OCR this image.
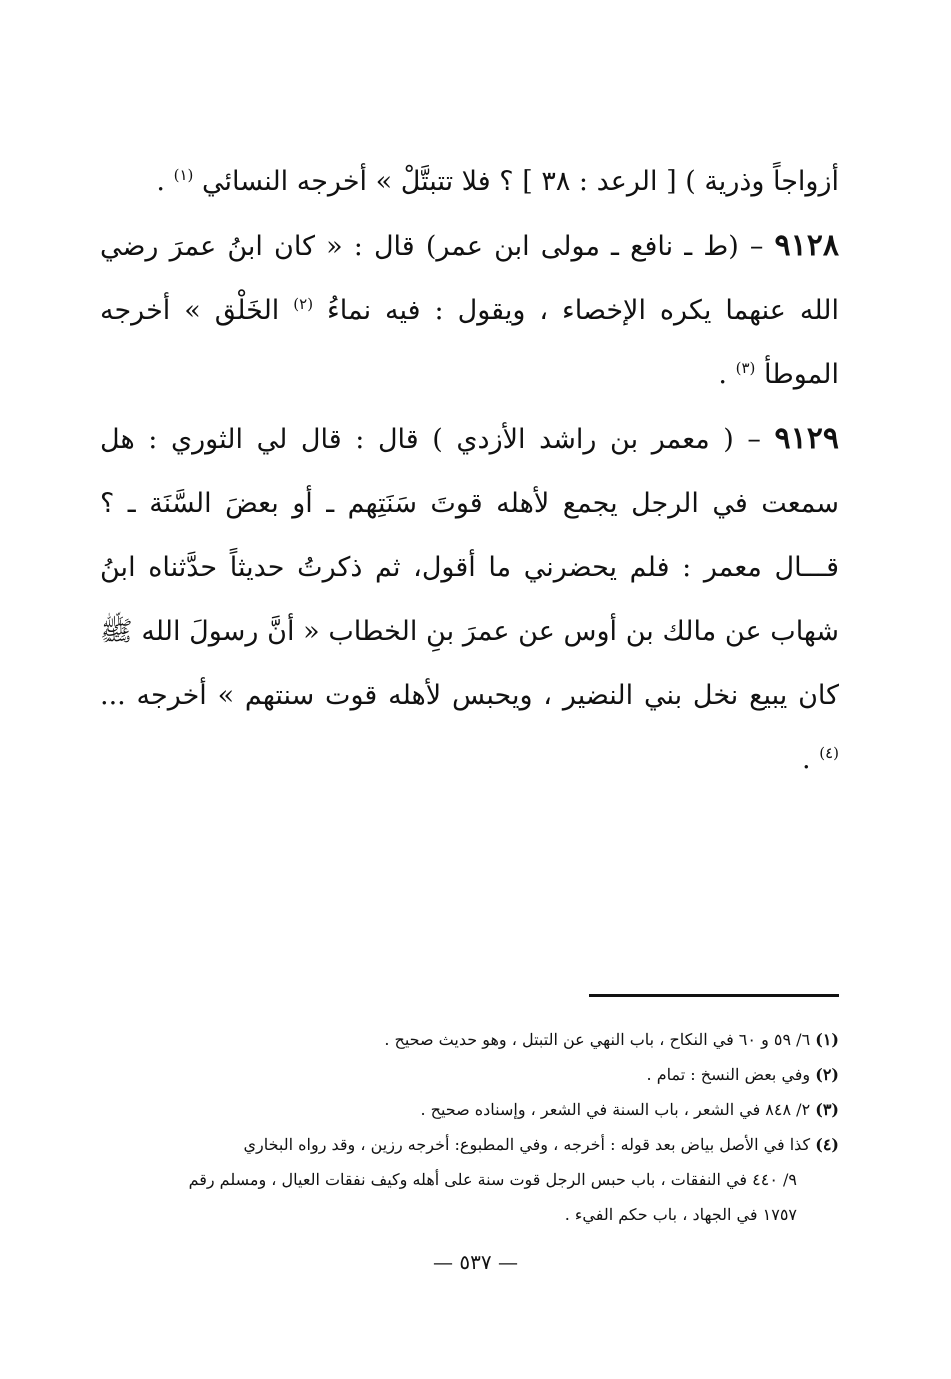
أزواجاً وذرية ) [ الرعد : ٣٨ ] ؟ فلا تتبتَّلْ » أخرجه النسائي $^{(١)}$ .

٩١٢٨ – (ط ـ نافع ـ مولى ابن عمر) قال : « كان ابنُ عمرَ رضي الله عنهما يكره الإخصاء ، ويقول : فيه نماءُ $^{(٢)}$ الخَلْق » أخرجه الموطأ $^{(٣)}$ .

٩١٢٩ – ( معمر بن راشد الأزدي ) قال : قال لي الثوري : هل سمعت في الرجل يجمع لأهله قوتَ سَنَتِهم ـ أو بعضَ السَّنَة ـ ؟ قـــال معمر : فلم يحضرني ما أقول، ثم ذكرتُ حديثاً حدَّثناه ابنُ شهاب عن مالك بن أوس عن عمرَ بنِ الخطاب « أنَّ رسولَ الله ﷺ كان يبيع نخل بني النضير ، ويحبس لأهله قوت سنتهم » أخرجه ... $^{(٤)}$ .

(١) ٦/ ٥٩ و ٦٠ في النكاح ، باب النهي عن التبتل ، وهو حديث صحيح .

(٢) وفي بعض النسخ : تمام .

(٣) ٢/ ٨٤٨ في الشعر ، باب السنة في الشعر ، وإسناده صحيح .

(٤) كذا في الأصل بياض بعد قوله : أخرجه ، وفي المطبوع: أخرجه رزين ، وقد رواه البخاري

٩/ ٤٤٠ في النفقات ، باب حبس الرجل قوت سنة على أهله وكيف نفقات العيال ، ومسلم رقم

١٧٥٧ في الجهاد ، باب حكم الفيء .

— ٥٣٧ —
